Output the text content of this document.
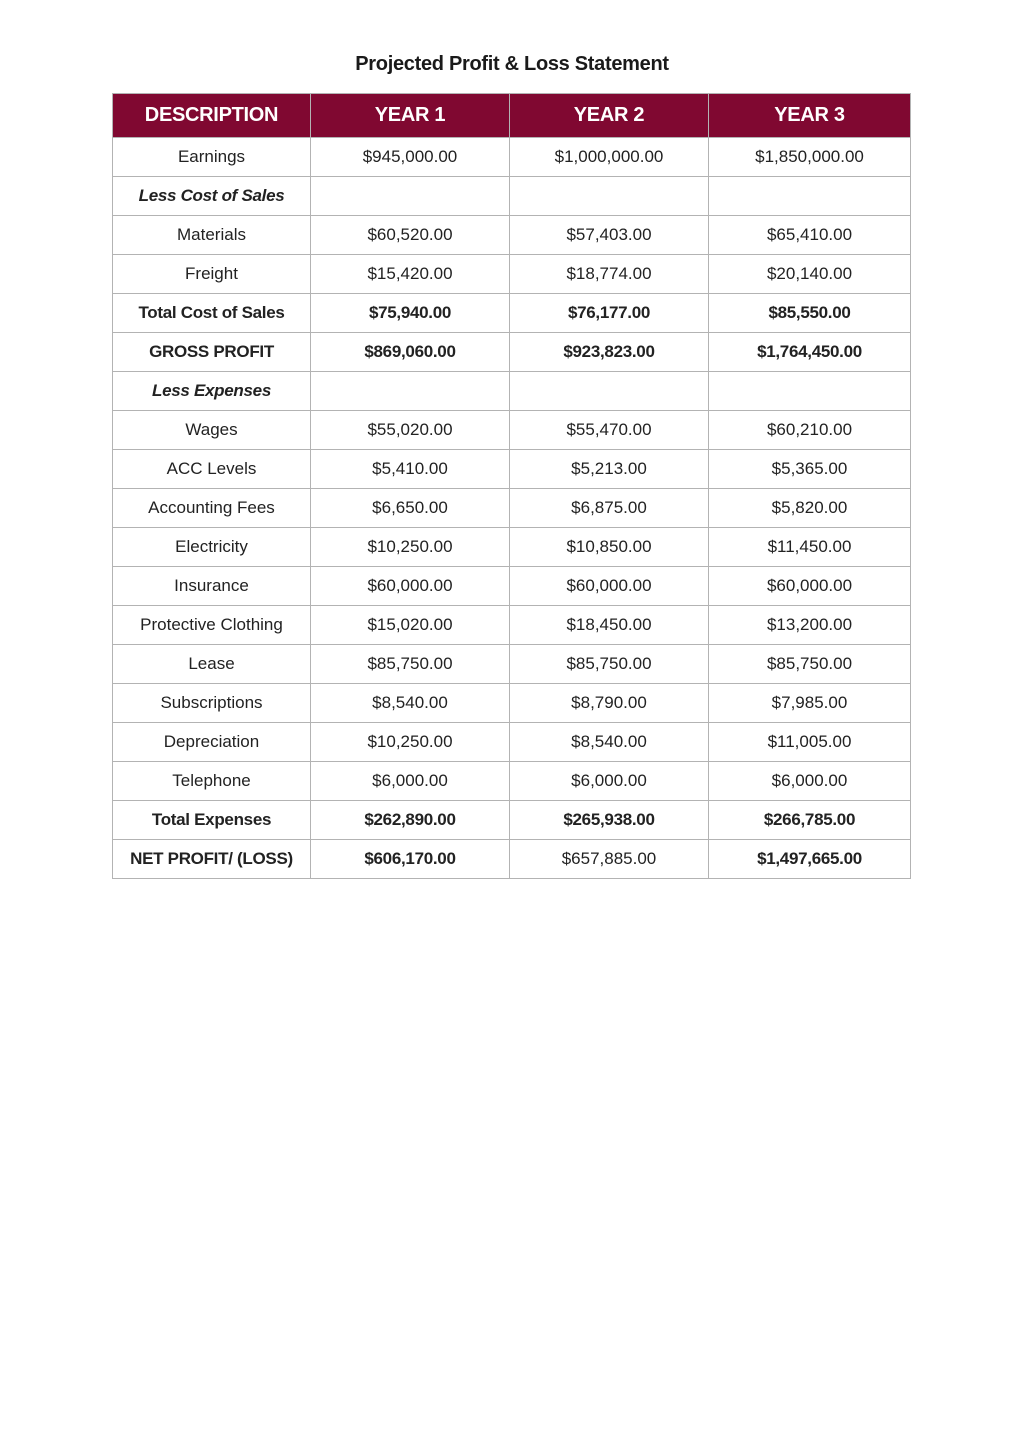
Projected Profit & Loss Statement
DESCRIPTION	YEAR 1	YEAR 2	YEAR 3
Earnings	$945,000.00	$1,000,000.00	$1,850,000.00
Less Cost of Sales			
Materials	$60,520.00	$57,403.00	$65,410.00
Freight	$15,420.00	$18,774.00	$20,140.00
Total Cost of Sales	$75,940.00	$76,177.00	$85,550.00
GROSS PROFIT	$869,060.00	$923,823.00	$1,764,450.00
Less Expenses			
Wages	$55,020.00	$55,470.00	$60,210.00
ACC Levels	$5,410.00	$5,213.00	$5,365.00
Accounting Fees	$6,650.00	$6,875.00	$5,820.00
Electricity	$10,250.00	$10,850.00	$11,450.00
Insurance	$60,000.00	$60,000.00	$60,000.00
Protective Clothing	$15,020.00	$18,450.00	$13,200.00
Lease	$85,750.00	$85,750.00	$85,750.00
Subscriptions	$8,540.00	$8,790.00	$7,985.00
Depreciation	$10,250.00	$8,540.00	$11,005.00
Telephone	$6,000.00	$6,000.00	$6,000.00
Total Expenses	$262,890.00	$265,938.00	$266,785.00
NET PROFIT/ (LOSS)	$606,170.00	$657,885.00	$1,497,665.00
